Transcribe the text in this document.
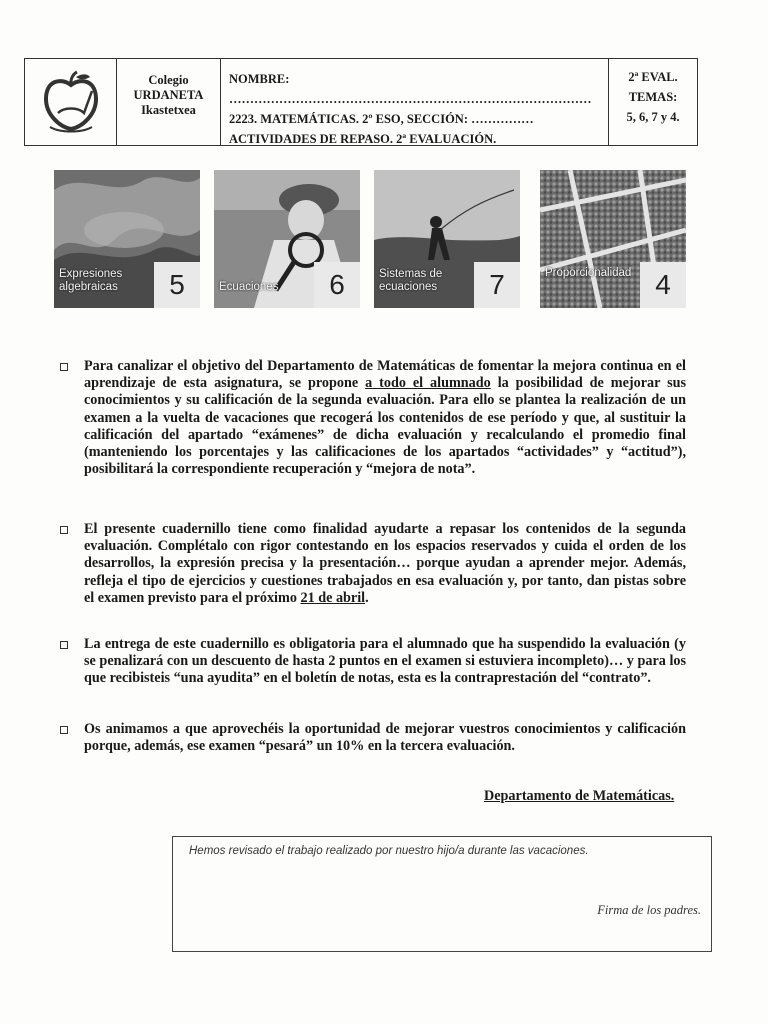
Colegio
URDANETA
Ikastetxea
NOMBRE: ……………………………………………………………………………
2223. MATEMÁTICAS. 2º ESO, SECCIÓN: ……………
ACTIVIDADES DE REPASO. 2ª EVALUACIÓN.
2ª EVAL.
TEMAS:
5, 6, 7 y 4.
Expresiones algebraicas	5	Ecuaciones	6	Sistemas de ecuaciones	7	Proporcionalidad 4
Para canalizar el objetivo del Departamento de Matemáticas de fomentar la mejora continua en el aprendizaje de esta asignatura, se propone a todo el alumnado la posibilidad de mejorar sus conocimientos y su calificación de la segunda evaluación. Para ello se plantea la realización de un examen a la vuelta de vacaciones que recogerá los contenidos de ese período y que, al sustituir la calificación del apartado “exámenes” de dicha evaluación y recalculando el promedio final (manteniendo los porcentajes y las calificaciones de los apartados “actividades” y “actitud”), posibilitará la correspondiente recuperación y “mejora de nota”.
El presente cuadernillo tiene como finalidad ayudarte a repasar los contenidos de la segunda evaluación. Complétalo con rigor contestando en los espacios reservados y cuida el orden de los desarrollos, la expresión precisa y la presentación… porque ayudan a aprender mejor. Además, refleja el tipo de ejercicios y cuestiones trabajados en esa evaluación y, por tanto, dan pistas sobre el examen previsto para el próximo 21 de abril.
La entrega de este cuadernillo es obligatoria para el alumnado que ha suspendido la evaluación (y se penalizará con un descuento de hasta 2 puntos en el examen si estuviera incompleto)… y para los que recibisteis “una ayudita” en el boletín de notas, esta es la contraprestación del “contrato”.
Os animamos a que aprovechéis la oportunidad de mejorar vuestros conocimientos y calificación porque, además, ese examen “pesará” un 10% en la tercera evaluación.
Departamento de Matemáticas.
Hemos revisado el trabajo realizado por nuestro hijo/a durante las vacaciones.
Firma de los padres.
